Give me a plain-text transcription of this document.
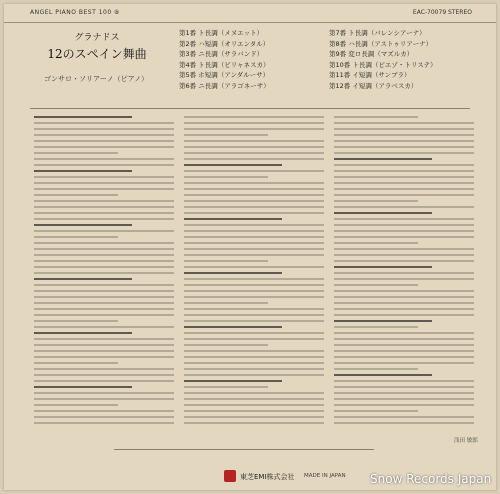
ANGEL PIANO BEST 100 ⑧	EAC-70079 STEREO
グラナドス
12のスペイン舞曲
ゴンサロ・ソリアーノ（ピアノ）
第1番 ト長調（メヌエット）
第2番 ハ短調（オリエンタル）
第3番 ニ長調（サラバンド）
第4番 ト長調（ビリャネスカ）
第5番 ホ短調（アンダルーサ）
第6番 ニ長調（アラゴネーサ）
第7番 ト長調（バレンシアーナ）
第8番 ハ長調（アストゥリアーナ）
第9番 変ロ長調（マズルカ）
第10番 ト長調（ピエゾ・トリステ）
第11番 イ短調（サンブラ）
第12番 イ短調（アラベスカ）
浅田 敏郎
東芝EMI株式会社 MADE IN JAPAN Snow Records Japan
